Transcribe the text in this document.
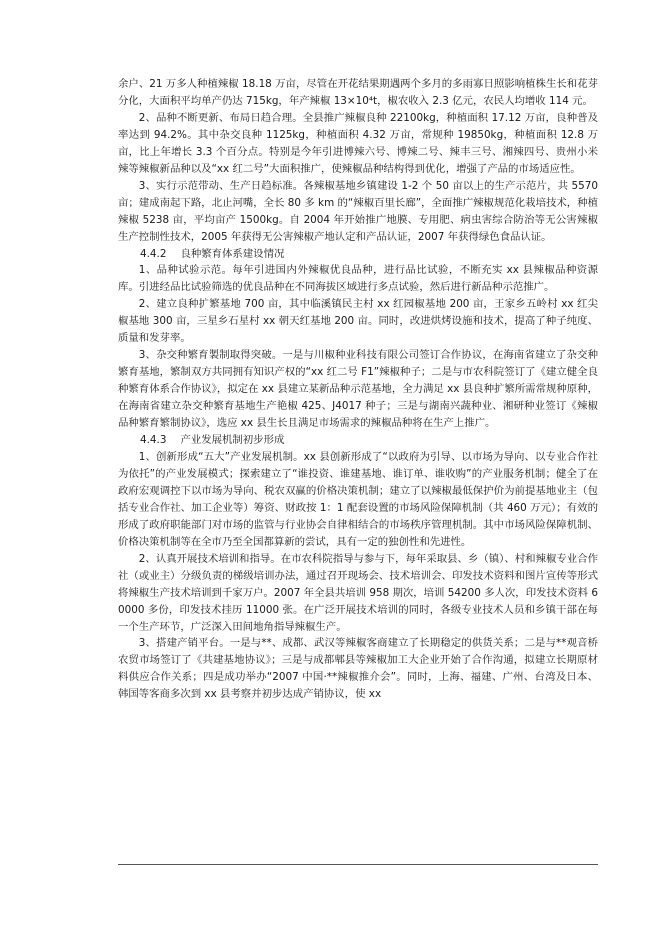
余户、21 万多人种植辣椒 18.18 万亩，尽管在开花结果期遇两个多月的多雨寡日照影响植株生长和花芽分化，大面积平均单产仍达 715kg，年产辣椒 13×10⁴t，椒农收入 2.3 亿元，农民人均增收 114 元。

2、品种不断更新、布局日趋合理。全县推广辣椒良种 22100kg，种植面积 17.12 万亩，良种普及率达到 94.2%。其中杂交良种 1125kg，种植面积 4.32 万亩，常规种 19850kg，种植面积 12.8 万亩，比上年增长 3.3 个百分点。特别是今年引进博辣六号、博辣二号、辣丰三号、湘辣四号、贵州小米辣等辣椒新品种以及“xx 红二号”大面积推广，使辣椒品种结构得到优化，增强了产品的市场适应性。

3、实行示范带动、生产日趋标准。各辣椒基地乡镇建设 1-2 个 50 亩以上的生产示范片，共 5570 亩；建成南起下路，北止河嘴，全长 80 多 km 的“辣椒百里长廊”，全面推广辣椒规范化栽培技术，种植辣椒 5238 亩，平均亩产 1500kg。自 2004 年开始推广地膜、专用肥、病虫害综合防治等无公害辣椒生产控制性技术，2005 年获得无公害辣椒产地认定和产品认证，2007 年获得绿色食品认证。

4.4.2 良种繁育体系建设情况

1、品种试验示范。每年引进国内外辣椒优良品种，进行品比试验，不断充实 xx 县辣椒品种资源库。引进经品比试验筛选的优良品种在不同海拔区域进行多点试验，然后进行新品种示范推广。

2、建立良种扩繁基地 700 亩，其中临溪镇民主村 xx 红园椒基地 200 亩，王家乡五岭村 xx 红尖椒基地 300 亩，三星乡石星村 xx 朝天红基地 200 亩。同时，改进烘烤设施和技术，提高了种子纯度、质量和发芽率。

3、杂交种繁育製制取得突破。一是与川椒种业科技有限公司签订合作协议，在海南省建立了杂交种繁育基地，繁制双方共同拥有知识产权的“xx 红二号 F1”辣椒种子；二是与市农科院签订了《建立健全良种繁育体系合作协议》，拟定在 xx 县建立某新品种示范基地，全力满足 xx 县良种扩繁所需常规种原种，在海南省建立杂交种繁育基地生产艳椒 425、J4017 种子；三是与湖南兴蔬种业、湘研种业签订《辣椒品种繁育繁制协议》，选应 xx 县生长且满足市场需求的辣椒品种将在生产上推广。

4.4.3 产业发展机制初步形成

1、创新形成“五大”产业发展机制。xx 县创新形成了“以政府为引导、以市场为导向、以专业合作社为依托”的产业发展模式；探索建立了“谁投资、谁建基地、谁订单、谁收购”的产业服务机制；健全了在政府宏观调控下以市场为导向、税农双赢的价格决策机制；建立了以辣椒最低保护价为前提基地业主（包括专业合作社、加工企业等）筹资、财政按 1：1 配套设置的市场风险保障机制（共 460 万元）；有效的形成了政府职能部门对市场的监管与行业协会自律相结合的市场秩序管理机制。其中市场风险保障机制、价格决策机制等在全市乃至全国都算新的尝试，具有一定的独创性和先进性。

2、认真开展技术培训和指导。在市农科院指导与参与下，每年采取县、乡（镇）、村和辣椒专业合作社（或业主）分级负责的梯级培训办法，通过召开现场会、技术培训会、印发技术资料和图片宣传等形式将辣椒生产技术培训到千家万户。2007 年全县共培训 958 期次，培训 54200 多人次，印发技术资料 60000 多份，印发技术挂历 11000 张。在广泛开展技术培训的同时，各级专业技术人员和乡镇干部在每一个生产环节，广泛深入田间地角指导辣椒生产。

3、搭建产销平台。一是与**、成都、武汉等辣椒客商建立了长期稳定的供货关系；二是与**观音桥农贸市场签订了《共建基地协议》；三是与成都郫县等辣椒加工大企业开始了合作沟通，拟建立长期原材料供应合作关系；四是成功举办“2007 中国·**辣椒推介会”。同时，上海、福建、广州、台湾及日本、韩国等客商多次到 xx 县考察并初步达成产销协议，使 xx
